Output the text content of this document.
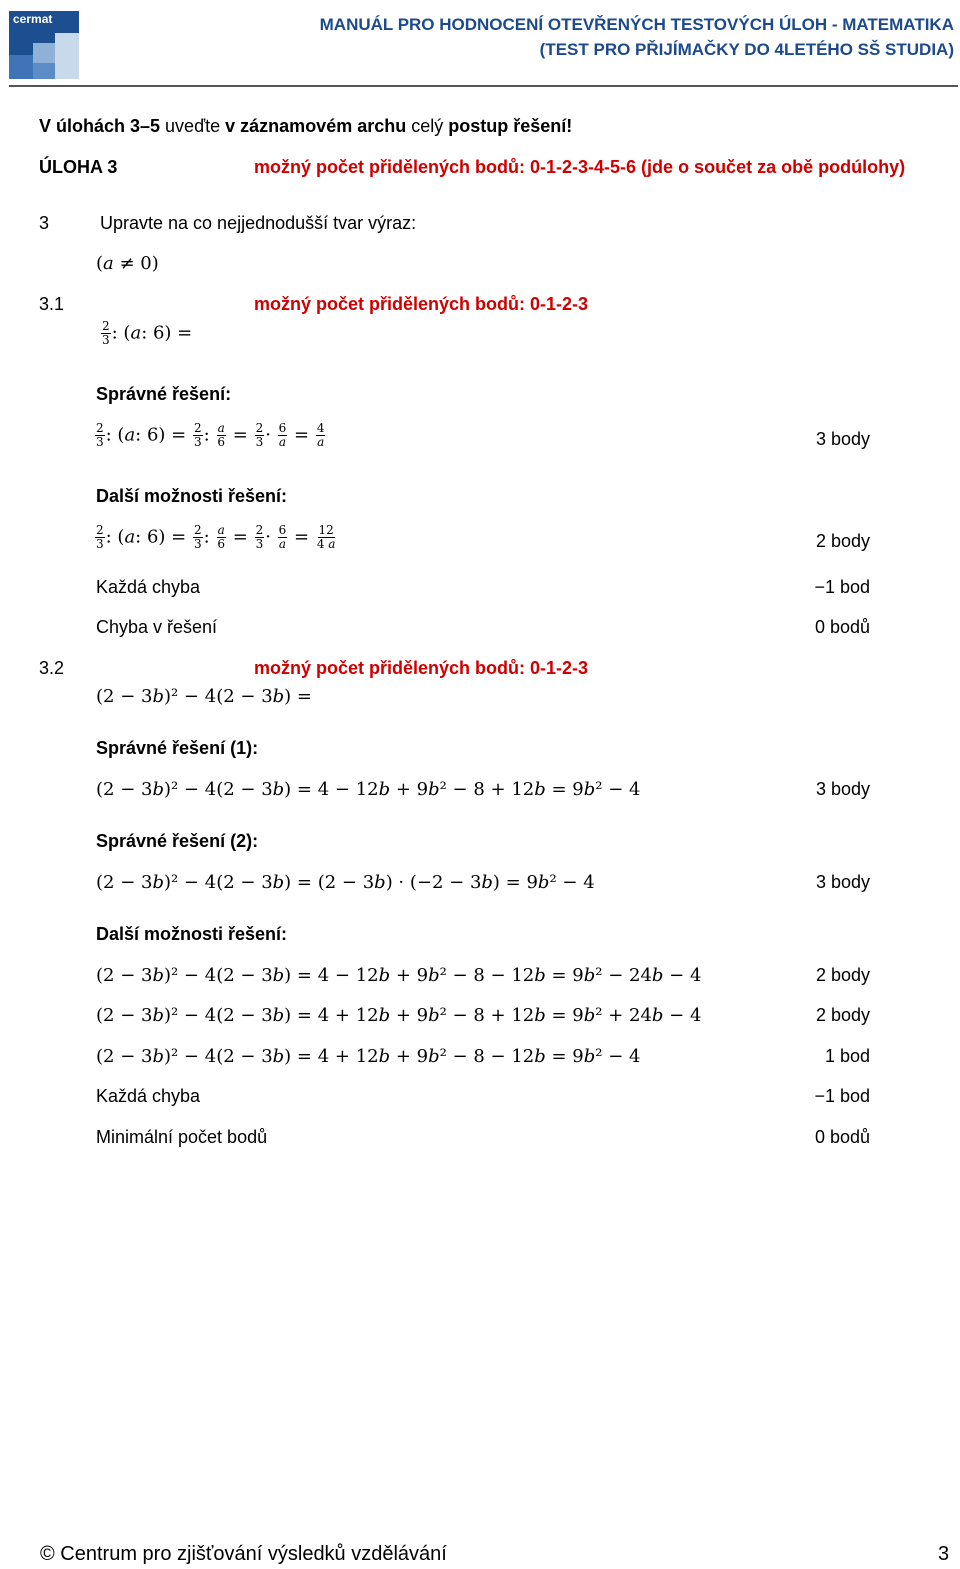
cermat	MANUÁL PRO HODNOCENÍ OTEVŘENÝCH TESTOVÝCH ÚLOH - MATEMATIKA
(TEST PRO PŘIJÍMAČKY DO 4LETÉHO SŠ STUDIA)
V úlohách 3–5 uveďte v záznamovém archu celý postup řešení!
ÚLOHA 3	možný počet přidělených bodů: 0-1-2-3-4-5-6 (jde o součet za obě podúlohy)
3	Upravte na co nejjednodušší tvar výraz:
(𝑎 ≠ 0)
3.1	možný počet přidělených bodů: 0-1-2-3
$\frac{2}{3}$ : (𝑎: 6) =
Správné řešení:
$\frac{2}{3}$ : (𝑎: $6) = \frac{2}{3}$ : $\frac{\text{𝑎}}{6} = \frac{2}{3} \cdot \frac{6}{\text{𝑎}} = \frac{4}{\text{𝑎}}$	3 body
Další možnosti řešení:
$\frac{2}{3}$ : (𝑎: $6) = \frac{2}{3}$ : $\frac{\text{𝑎}}{6} = \frac{2}{3} \cdot \frac{6}{\text{𝑎}} = \frac{12}{\text{4 𝑎}}$	2 body
Každá chyba	−1 bod
Chyba v řešení	0 bodů
3.2	možný počet přidělených bodů: 0-1-2-3
(2 − 3𝑏)² − 4(2 − 3𝑏) =
Správné řešení (1):
(2 − 3𝑏)² − 4(2 − 3𝑏) = 4 − 12𝑏 + 9𝑏² − 8 + 12𝑏 = 9𝑏² − 4	3 body
Správné řešení (2):
(2 − 3𝑏)² − 4(2 − 3𝑏) = (2 − 3𝑏) · (−2 − 3𝑏) = 9𝑏² − 4	3 body
Další možnosti řešení:
(2 − 3𝑏)² − 4(2 − 3𝑏) = 4 − 12𝑏 + 9𝑏² − 8 − 12𝑏 = 9𝑏² − 24𝑏 − 4	2 body
(2 − 3𝑏)² − 4(2 − 3𝑏) = 4 + 12𝑏 + 9𝑏² − 8 + 12𝑏 = 9𝑏² + 24𝑏 − 4	2 body
(2 − 3𝑏)² − 4(2 − 3𝑏) = 4 + 12𝑏 + 9𝑏² − 8 − 12𝑏 = 9𝑏² − 4	1 bod
Každá chyba	−1 bod
Minimální počet bodů	0 bodů
© Centrum pro zjišťování výsledků vzdělávání	3
